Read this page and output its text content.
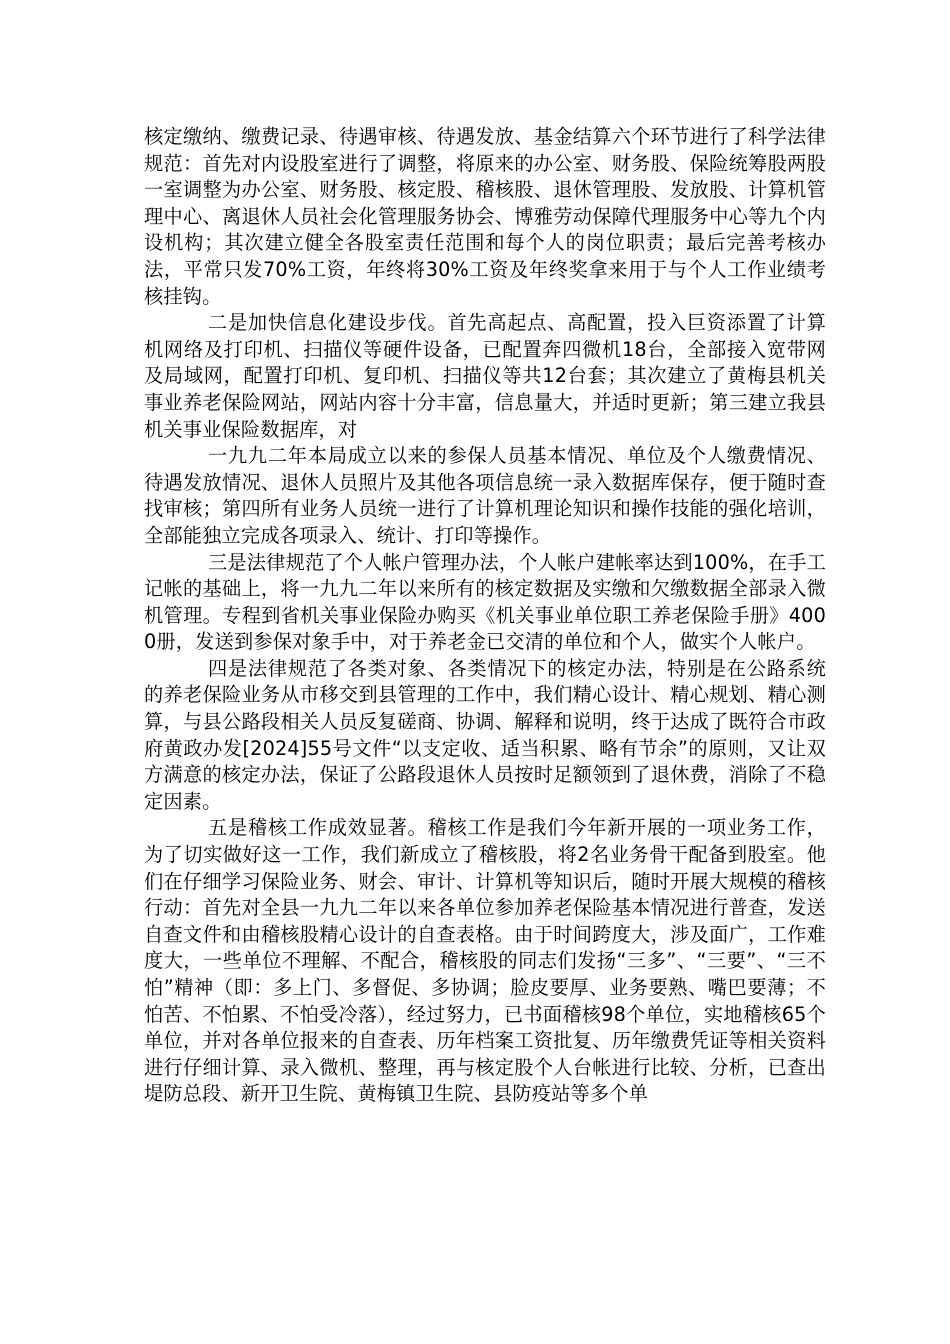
核定缴纳、缴费记录、待遇审核、待遇发放、基金结算六个环节进行了科学法律规范：首先对内设股室进行了调整，将原来的办公室、财务股、保险统筹股两股一室调整为办公室、财务股、核定股、稽核股、退休管理股、发放股、计算机管理中心、离退休人员社会化管理服务协会、博雅劳动保障代理服务中心等九个内设机构；其次建立健全各股室责任范围和每个人的岗位职责；最后完善考核办法，平常只发70%工资，年终将30%工资及年终奖拿来用于与个人工作业绩考核挂钩。

二是加快信息化建设步伐。首先高起点、高配置，投入巨资添置了计算机网络及打印机、扫描仪等硬件设备，已配置奔四微机18台，全部接入宽带网及局域网，配置打印机、复印机、扫描仪等共12台套；其次建立了黄梅县机关事业养老保险网站，网站内容十分丰富，信息量大，并适时更新；第三建立我县机关事业保险数据库，对

一九九二年本局成立以来的参保人员基本情况、单位及个人缴费情况、待遇发放情况、退休人员照片及其他各项信息统一录入数据库保存，便于随时查找审核；第四所有业务人员统一进行了计算机理论知识和操作技能的强化培训，全部能独立完成各项录入、统计、打印等操作。

三是法律规范了个人帐户管理办法，个人帐户建帐率达到100%，在手工记帐的基础上，将一九九二年以来所有的核定数据及实缴和欠缴数据全部录入微机管理。专程到省机关事业保险办购买《机关事业单位职工养老保险手册》4000册，发送到参保对象手中，对于养老金已交清的单位和个人，做实个人帐户。

四是法律规范了各类对象、各类情况下的核定办法，特别是在公路系统的养老保险业务从市移交到县管理的工作中，我们精心设计、精心规划、精心测算，与县公路段相关人员反复磋商、协调、解释和说明，终于达成了既符合市政府黄政办发[2024]55号文件“以支定收、适当积累、略有节余”的原则，又让双方满意的核定办法，保证了公路段退休人员按时足额领到了退休费，消除了不稳定因素。

五是稽核工作成效显著。稽核工作是我们今年新开展的一项业务工作，为了切实做好这一工作，我们新成立了稽核股，将2名业务骨干配备到股室。他们在仔细学习保险业务、财会、审计、计算机等知识后，随时开展大规模的稽核行动：首先对全县一九九二年以来各单位参加养老保险基本情况进行普查，发送自查文件和由稽核股精心设计的自查表格。由于时间跨度大，涉及面广，工作难度大，一些单位不理解、不配合，稽核股的同志们发扬“三多”、“三要”、“三不怕”精神（即：多上门、多督促、多协调；脸皮要厚、业务要熟、嘴巴要薄；不怕苦、不怕累、不怕受冷落），经过努力，已书面稽核98个单位，实地稽核65个单位，并对各单位报来的自查表、历年档案工资批复、历年缴费凭证等相关资料进行仔细计算、录入微机、整理，再与核定股个人台帐进行比较、分析，已查出堤防总段、新开卫生院、黄梅镇卫生院、县防疫站等多个单
